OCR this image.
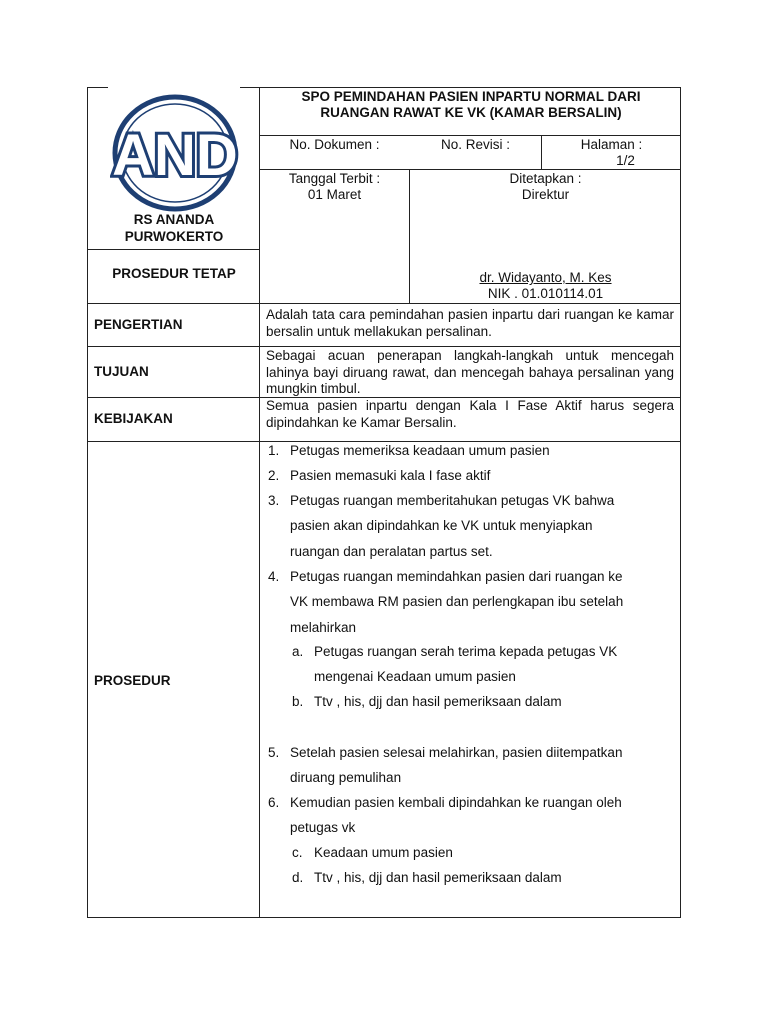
AND
RS ANANDA
PURWOKERTO
PROSEDUR TETAP
SPO PEMINDAHAN PASIEN INPARTU NORMAL DARI
RUANGAN RAWAT KE VK (KAMAR BERSALIN)
No. Dokumen :	No. Revisi :	Halaman :
1/2
Tanggal Terbit :
01 Maret
Ditetapkan :
Direktur
dr. Widayanto, M. Kes
NIK . 01.010114.01
PENGERTIAN
Adalah tata cara pemindahan pasien inpartu dari ruangan ke kamar bersalin untuk mellakukan persalinan.
TUJUAN
Sebagai acuan penerapan langkah-langkah untuk mencegah lahinya bayi diruang rawat, dan mencegah bahaya persalinan yang mungkin timbul.
KEBIJAKAN
Semua pasien inpartu dengan Kala I Fase Aktif harus segera dipindahkan ke Kamar Bersalin.
PROSEDUR
1. Petugas memeriksa keadaan umum pasien
2. Pasien memasuki kala I fase aktif
3. Petugas ruangan memberitahukan petugas VK bahwa
pasien akan dipindahkan ke VK untuk menyiapkan
ruangan dan peralatan partus set.
4. Petugas ruangan memindahkan pasien dari ruangan ke
VK membawa RM pasien dan perlengkapan ibu setelah
melahirkan
a. Petugas ruangan serah terima kepada petugas VK
mengenai Keadaan umum pasien
b. Ttv , his, djj dan hasil pemeriksaan dalam
5. Setelah pasien selesai melahirkan, pasien diitempatkan
diruang pemulihan
6. Kemudian pasien kembali dipindahkan ke ruangan oleh
petugas vk
c. Keadaan umum pasien
d. Ttv , his, djj dan hasil pemeriksaan dalam
